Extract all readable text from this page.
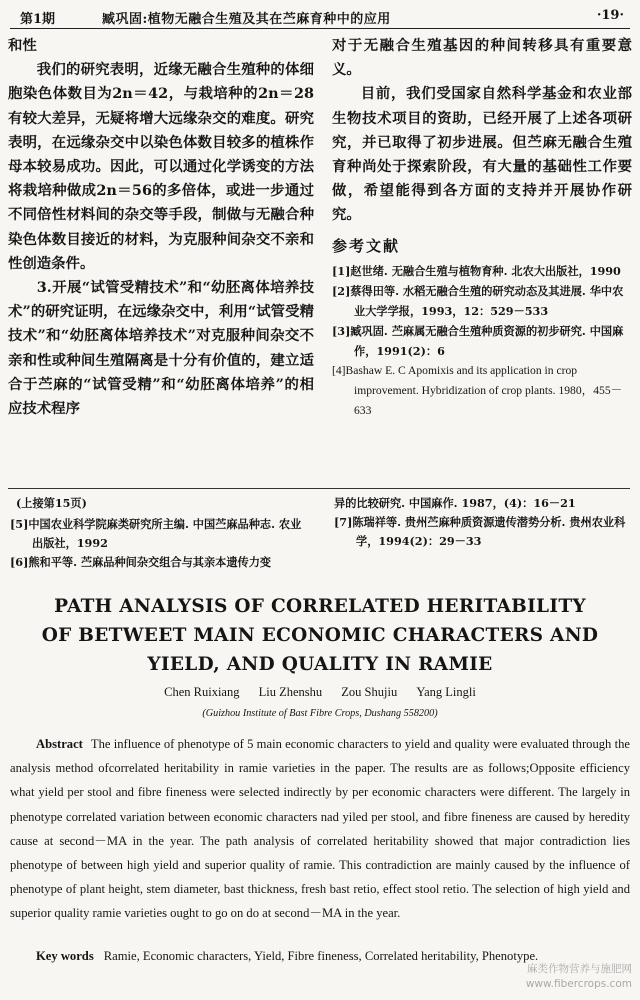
第1期	臧巩固:植物无融合生殖及其在苎麻育种中的应用	·19·

和性

我们的研究表明，近缘无融合生殖种的体细胞染色体数目为2n＝42，与栽培种的2n＝28有较大差异，无疑将增大远缘杂交的难度。研究表明，在远缘杂交中以染色体数目较多的植株作母本较易成功。因此，可以通过化学诱变的方法将栽培种做成2n＝56的多倍体，或进一步通过不同倍性材料间的杂交等手段，制做与无融合种染色体数目接近的材料，为克服种间杂交不亲和性创造条件。

3.开展“试管受精技术”和“幼胚离体培养技术”的研究证明，在远缘杂交中，利用“试管受精技术”和“幼胚离体培养技术”对克服种间杂交不亲和性或种间生殖隔离是十分有价值的，建立适合于苎麻的“试管受精”和“幼胚离体培养”的相应技术程序

对于无融合生殖基因的种间转移具有重要意义。

目前，我们受国家自然科学基金和农业部生物技术项目的资助，已经开展了上述各项研究，并已取得了初步进展。但苎麻无融合生殖育种尚处于探索阶段，有大量的基础性工作要做，希望能得到各方面的支持并开展协作研究。

参考文献

[1]赵世绪. 无融合生殖与植物育种. 北农大出版社，1990

[2]蔡得田等. 水稻无融合生殖的研究动态及其进展. 华中农业大学学报，1993，12：529－533

[3]臧巩固. 苎麻属无融合生殖种质资源的初步研究. 中国麻作，1991(2)：6

[4]Bashaw E. C Apomixis and its application in crop improvement. Hybridization of crop plants. 1980，455－633

(上接第15页)

[5]中国农业科学院麻类研究所主编. 中国苎麻品种志. 农业出版社，1992

[6]熊和平等. 苎麻品种间杂交组合与其亲本遗传力变

异的比较研究. 中国麻作. 1987，(4)：16－21

[7]陈瑞祥等. 贵州苎麻种质资源遗传潜势分析. 贵州农业科学，1994(2)：29－33

PATH ANALYSIS OF CORRELATED HERITABILITY
OF BETWEET MAIN ECONOMIC CHARACTERS AND
YIELD, AND QUALITY IN RAMIE
Chen Ruixiang Liu Zhenshu Zou Shujiu Yang Lingli
(Guizhou Institute of Bast Fibre Crops, Dushang 558200)

Abstract The influence of phenotype of 5 main economic characters to yield and quality were evaluated through the analysis method ofcorrelated heritability in ramie varieties in the paper. The results are as follows;Opposite efficiency what yield per stool and fibre fineness were selected indirectly by per economic characters were different. The largely in phenotype correlated variation between economic characters nad yiled per stool, and fibre fineness are caused by heredity cause at second－MA in the year. The path analysis of correlated heritability showed that major contradiction lies phenotype of between high yield and superior quality of ramie. This contradiction are mainly caused by the influence of phenotype of plant height, stem diameter, bast thickness, fresh bast retio, effect stool retio. The selection of high yield and superior quality ramie varieties ought to go on do at second－MA in the year.

Key words Ramie, Economic characters, Yield, Fibre fineness, Correlated heritability, Phenotype.

麻类作物营养与施肥网
www.fibercrops.com
